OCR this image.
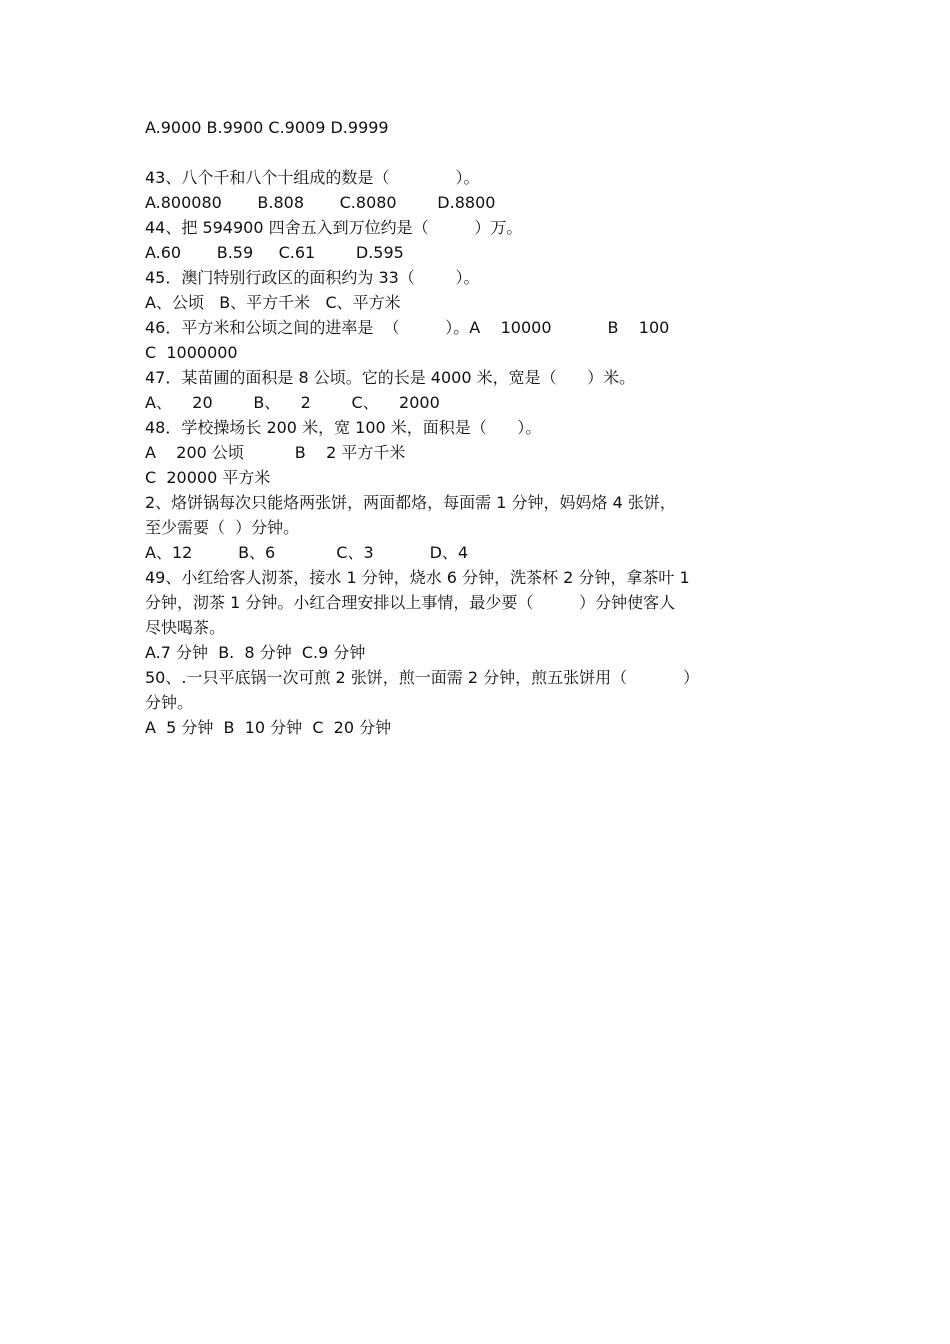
A.9000 B.9900 C.9009 D.9999
43、八个千和八个十组成的数是（             ）。
A.800080       B.808       C.8080        D.8800
44、把 594900 四舍五入到万位约是（         ）万。
A.60       B.59     C.61        D.595
45．澳门特别行政区的面积约为 33（        ）。
A、公顷   B、平方千米   C、平方米
46．平方米和公顷之间的进率是  （         ）。A    10000           B    100
C  1000000
47．某苗圃的面积是 8 公顷。它的长是 4000 米，宽是（      ）米。
A、    20        B、    2        C、    2000
48．学校操场长 200 米，宽 100 米，面积是（      ）。
A    200 公顷          B    2 平方千米
C  20000 平方米
2、烙饼锅每次只能烙两张饼，两面都烙，每面需 1 分钟，妈妈烙 4 张饼，
至少需要（  ）分钟。
A、12         B、6            C、3           D、4
49、小红给客人沏茶，接水 1 分钟，烧水 6 分钟，洗茶杯 2 分钟，拿茶叶 1
分钟，沏茶 1 分钟。小红合理安排以上事情，最少要（         ）分钟使客人
尽快喝茶。
A.7 分钟  B.  8 分钟  C.9 分钟
50、.一只平底锅一次可煎 2 张饼，煎一面需 2 分钟，煎五张饼用（           ）
分钟。
A  5 分钟  B  10 分钟  C  20 分钟
